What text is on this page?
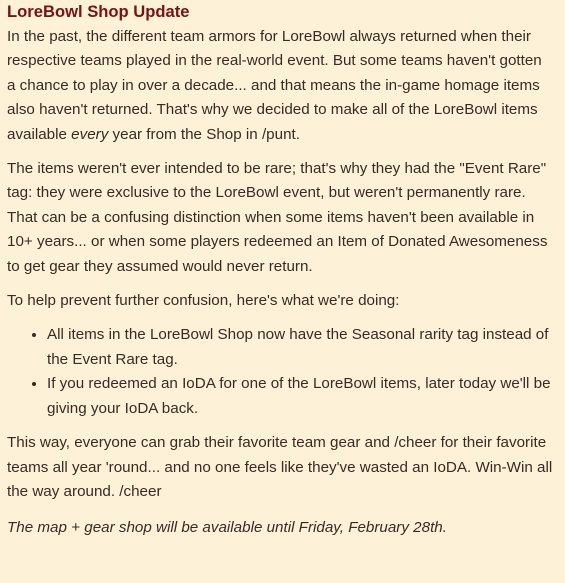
LoreBowl Shop Update

In the past, the different team armors for LoreBowl always returned when their respective teams played in the real-world event. But some teams haven't gotten a chance to play in over a decade... and that means the in-game homage items also haven't returned. That's why we decided to make all of the LoreBowl items available every year from the Shop in /punt.

The items weren't ever intended to be rare; that's why they had the "Event Rare" tag: they were exclusive to the LoreBowl event, but weren't permanently rare. That can be a confusing distinction when some items haven't been available in 10+ years... or when some players redeemed an Item of Donated Awesomeness to get gear they assumed would never return.

To help prevent further confusion, here's what we're doing:

• All items in the LoreBowl Shop now have the Seasonal rarity tag instead of the Event Rare tag.
• If you redeemed an IoDA for one of the LoreBowl items, later today we'll be giving your IoDA back.

This way, everyone can grab their favorite team gear and /cheer for their favorite teams all year 'round... and no one feels like they've wasted an IoDA. Win-Win all the way around. /cheer

The map + gear shop will be available until Friday, February 28th.
